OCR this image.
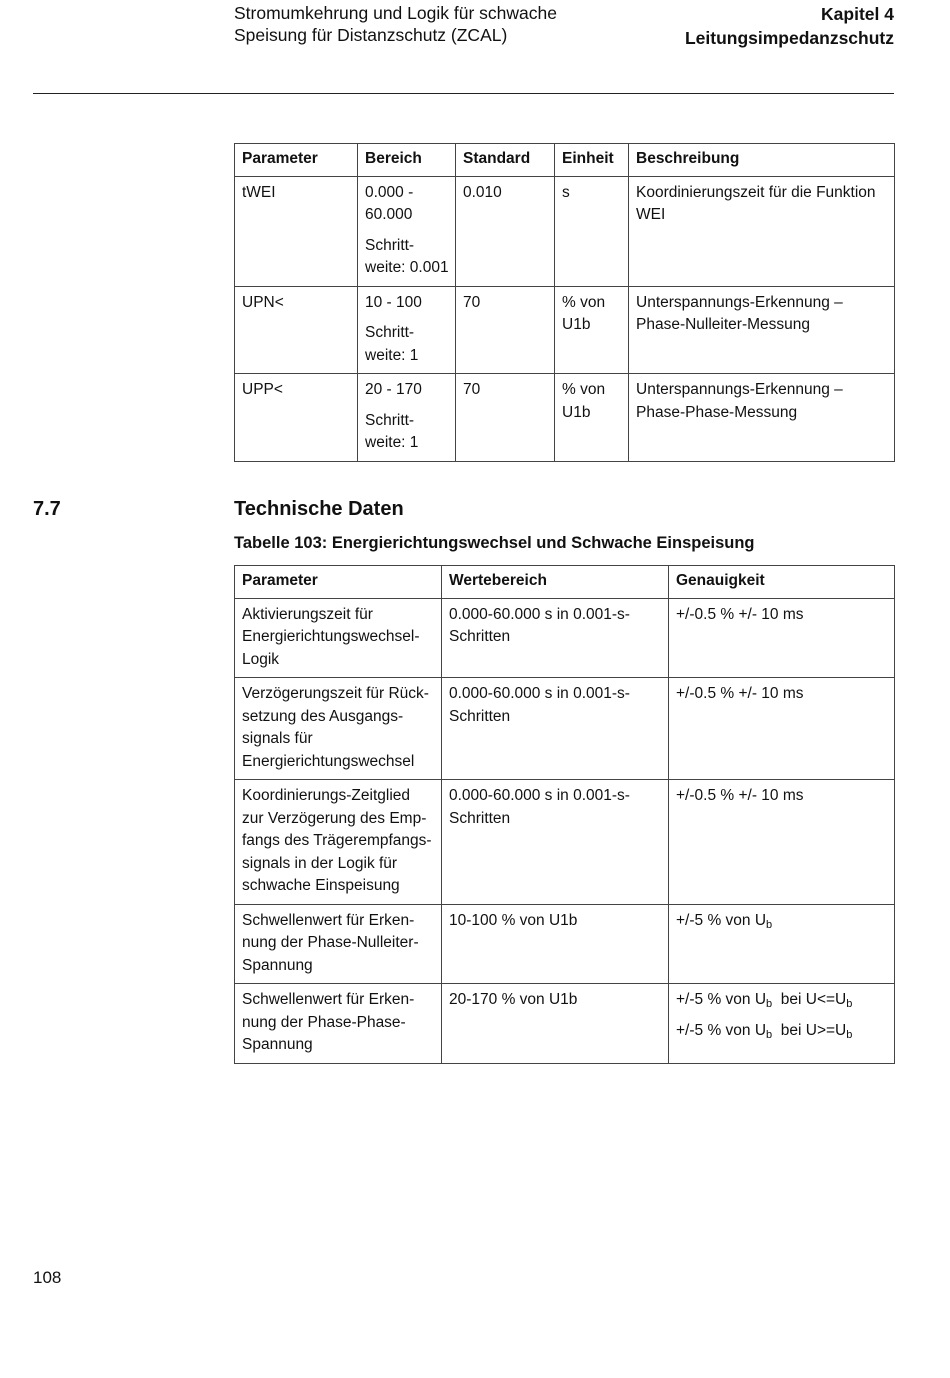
Stromumkehrung und Logik für schwache
Speisung für Distanzschutz (ZCAL)
Kapitel 4
Leitungsimpedanzschutz
Parameter	Bereich	Standard	Einheit	Beschreibung
tWEI	0.000 -
60.000
Schritt-
weite: 0.001	0.010	s	Koordinierungszeit für die Funktion
WEI

UPN<	10 - 100
Schritt-
weite: 1	70	% von
U1b	Unterspannungs-Erkennung –
Phase-Nulleiter-Messung

UPP<	20 - 170
Schritt-
weite: 1	70	% von
U1b	Unterspannungs-Erkennung –
Phase-Phase-Messung
7.7	Technische Daten
Tabelle 103: Energierichtungswechsel und Schwache Einspeisung
Parameter	Wertebereich	Genauigkeit

Aktivierungszeit für
Energierichtungswechsel-
Logik	0.000-60.000 s in 0.001-s-
Schritten	+/-0.5 % +/- 10 ms

Verzögerungszeit für Rück-
setzung des Ausgangs-
signals für
Energierichtungswechsel	0.000-60.000 s in 0.001-s-
Schritten	+/-0.5 % +/- 10 ms

Koordinierungs-Zeitglied
zur Verzögerung des Emp-
fangs des Trägerempfangs-
signals in der Logik für
schwache Einspeisung	0.000-60.000 s in 0.001-s-
Schritten	+/-0.5 % +/- 10 ms

Schwellenwert für Erken-
nung der Phase-Nulleiter-
Spannung	10-100 % von U1b	+/-5 % von $U_b$

Schwellenwert für Erken-
nung der Phase-Phase-
Spannung	20-170 % von U1b	+/-5 % von $U_b$  bei $U<=U_b$
+/-5 % von $U_b$  bei $U>=U_b$
108
